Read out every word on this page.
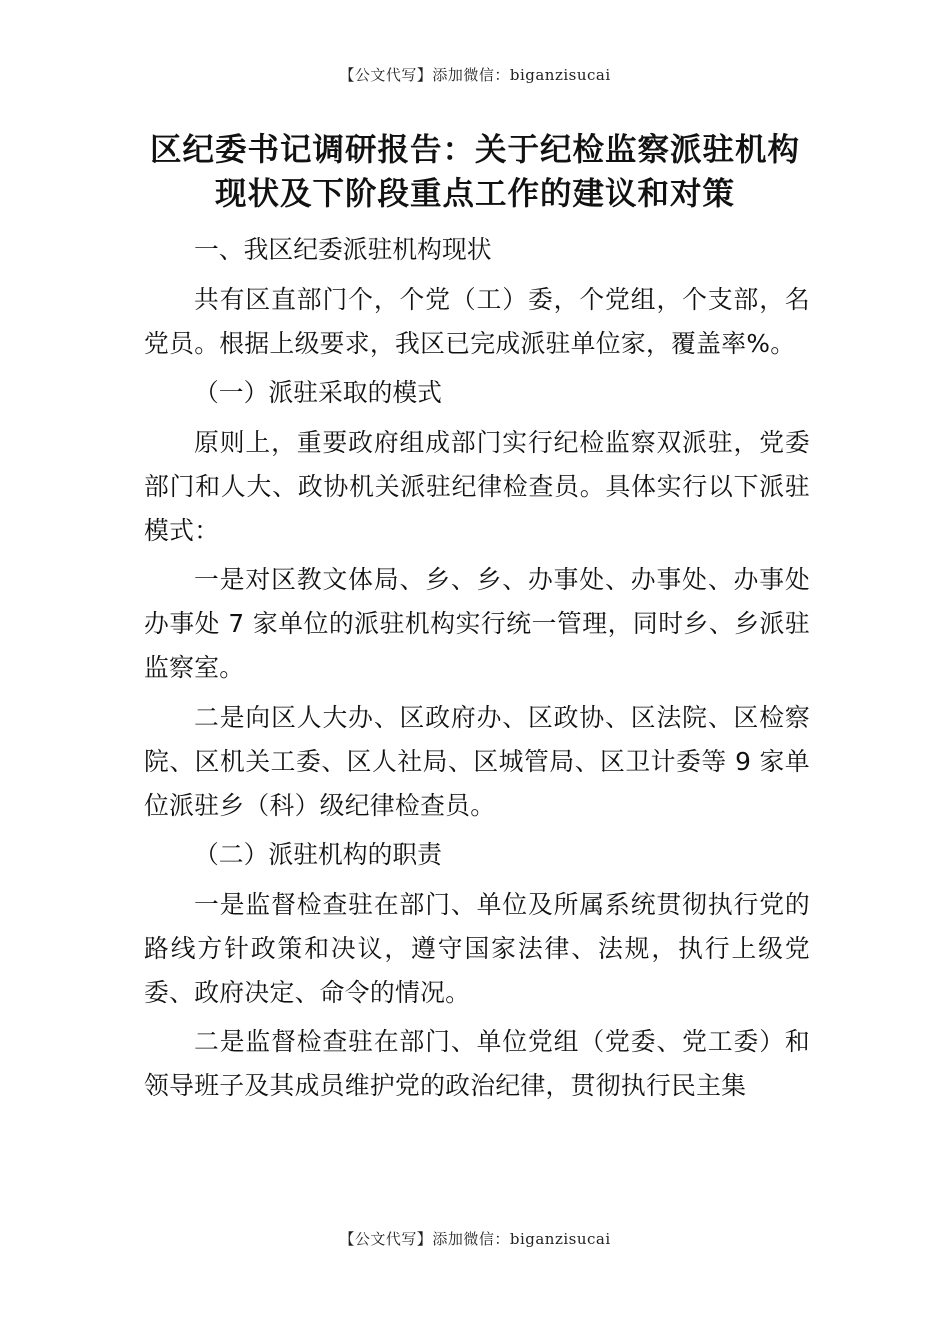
【公文代写】添加微信：biganzisucai
区纪委书记调研报告：关于纪检监察派驻机构现状及下阶段重点工作的建议和对策

一、我区纪委派驻机构现状

共有区直部门个，个党（工）委，个党组，个支部，名党员。根据上级要求，我区已完成派驻单位家，覆盖率%。

（一）派驻采取的模式

原则上，重要政府组成部门实行纪检监察双派驻，党委部门和人大、政协机关派驻纪律检查员。具体实行以下派驻模式：

一是对区教文体局、乡、乡、办事处、办事处、办事处办事处 7 家单位的派驻机构实行统一管理，同时乡、乡派驻监察室。

二是向区人大办、区政府办、区政协、区法院、区检察院、区机关工委、区人社局、区城管局、区卫计委等 9 家单位派驻乡（科）级纪律检查员。

（二）派驻机构的职责

一是监督检查驻在部门、单位及所属系统贯彻执行党的路线方针政策和决议，遵守国家法律、法规，执行上级党委、政府决定、命令的情况。

二是监督检查驻在部门、单位党组（党委、党工委）和领导班子及其成员维护党的政治纪律，贯彻执行民主集

【公文代写】添加微信：biganzisucai
